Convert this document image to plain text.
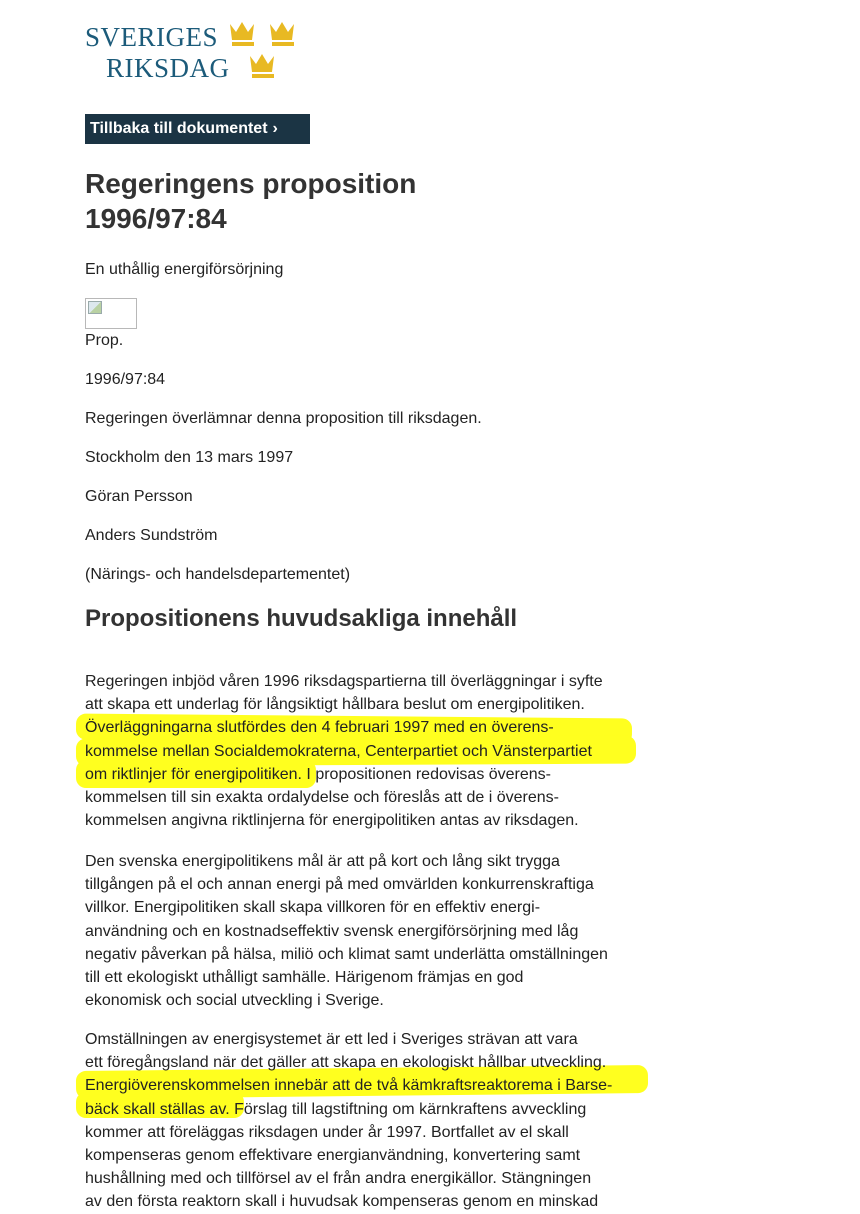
SVERIGES
RIKSDAG
Tillbaka till dokumentet ›
Regeringens proposition
1996/97:84
En uthållig energiförsörjning
Prop.
1996/97:84
Regeringen överlämnar denna proposition till riksdagen.
Stockholm den 13 mars 1997
Göran Persson
Anders Sundström
(Närings- och handelsdepartementet)
Propositionens huvudsakliga innehåll
Regeringen inbjöd våren 1996 riksdagspartierna till överläggningar i syfte
att skapa ett underlag för långsiktigt hållbara beslut om energipolitiken.
Överläggningarna slutfördes den 4 februari 1997 med en överens-
kommelse mellan Socialdemokraterna, Centerpartiet och Vänsterpartiet
om riktlinjer för energipolitiken. I propositionen redovisas överens-
kommelsen till sin exakta ordalydelse och föreslås att de i överens-
kommelsen angivna riktlinjerna för energipolitiken antas av riksdagen.
Den svenska energipolitikens mål är att på kort och lång sikt trygga
tillgången på el och annan energi på med omvärlden konkurrenskraftiga
villkor. Energipolitiken skall skapa villkoren för en effektiv energi-
användning och en kostnadseffektiv svensk energiförsörjning med låg
negativ påverkan på hälsa, miliö och klimat samt underlätta omställningen
till ett ekologiskt uthålligt samhälle. Härigenom främjas en god
ekonomisk och social utveckling i Sverige.
Omställningen av energisystemet är ett led i Sveriges strävan att vara
ett föregångsland när det gäller att skapa en ekologiskt hållbar utveckling.
Energiöverenskommelsen innebär att de två kämkraftsreaktorema i Barse-
bäck skall ställas av. Förslag till lagstiftning om kärnkraftens avveckling
kommer att föreläggas riksdagen under år 1997. Bortfallet av el skall
kompenseras genom effektivare energianvändning, konvertering samt
hushållning med och tillförsel av el från andra energikällor. Stängningen
av den första reaktorn skall i huvudsak kompenseras genom en minskad
